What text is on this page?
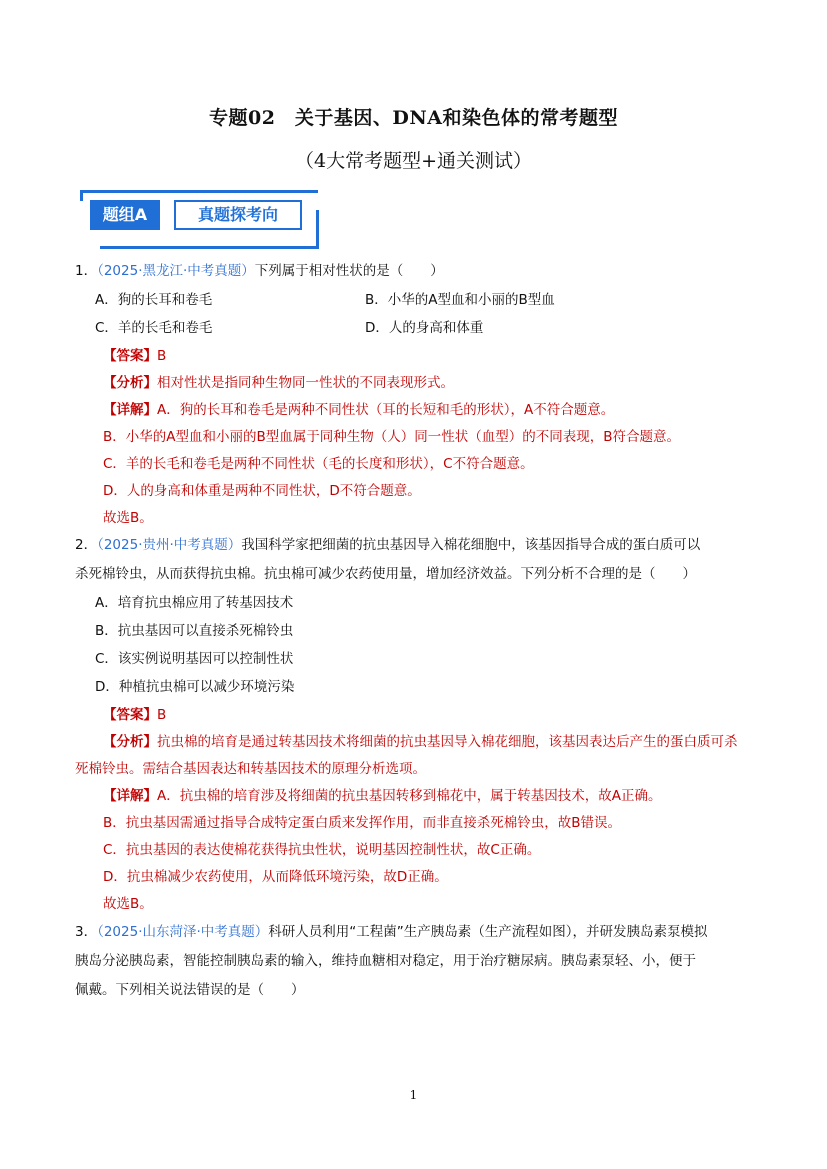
专题02　关于基因、DNA和染色体的常考题型
（4大常考题型+通关测试）
题组A	真题探考向
1．（2025·黑龙江·中考真题）下列属于相对性状的是（　　）
A．狗的长耳和卷毛	B．小华的A型血和小丽的B型血
C．羊的长毛和卷毛	D．人的身高和体重
【答案】B
【分析】相对性状是指同种生物同一性状的不同表现形式。
【详解】A．狗的长耳和卷毛是两种不同性状（耳的长短和毛的形状），A不符合题意。
B．小华的A型血和小丽的B型血属于同种生物（人）同一性状（血型）的不同表现，B符合题意。
C．羊的长毛和卷毛是两种不同性状（毛的长度和形状），C不符合题意。
D．人的身高和体重是两种不同性状，D不符合题意。
故选B。
2．（2025·贵州·中考真题）我国科学家把细菌的抗虫基因导入棉花细胞中，该基因指导合成的蛋白质可以
杀死棉铃虫，从而获得抗虫棉。抗虫棉可减少农药使用量，增加经济效益。下列分析不合理的是（　　）
A．培育抗虫棉应用了转基因技术
B．抗虫基因可以直接杀死棉铃虫
C．该实例说明基因可以控制性状
D．种植抗虫棉可以减少环境污染
【答案】B
【分析】抗虫棉的培育是通过转基因技术将细菌的抗虫基因导入棉花细胞，该基因表达后产生的蛋白质可杀
死棉铃虫。需结合基因表达和转基因技术的原理分析选项。
【详解】A．抗虫棉的培育涉及将细菌的抗虫基因转移到棉花中，属于转基因技术，故A正确。
B．抗虫基因需通过指导合成特定蛋白质来发挥作用，而非直接杀死棉铃虫，故B错误。
C．抗虫基因的表达使棉花获得抗虫性状，说明基因控制性状，故C正确。
D．抗虫棉减少农药使用，从而降低环境污染，故D正确。
故选B。
3．（2025·山东菏泽·中考真题）科研人员利用“工程菌”生产胰岛素（生产流程如图），并研发胰岛素泵模拟
胰岛分泌胰岛素，智能控制胰岛素的输入，维持血糖相对稳定，用于治疗糖尿病。胰岛素泵轻、小，便于
佩戴。下列相关说法错误的是（　　）
1
